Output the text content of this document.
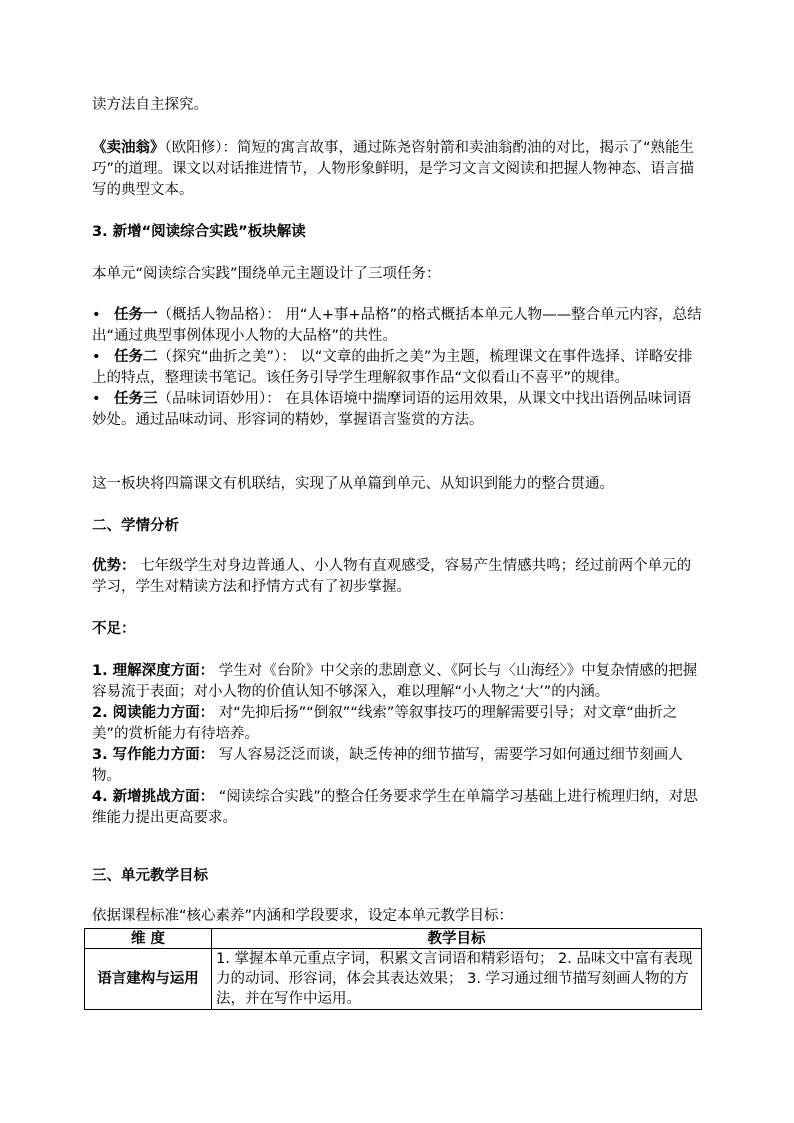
读方法自主探究。

《卖油翁》（欧阳修）：简短的寓言故事，通过陈尧咨射箭和卖油翁酌油的对比，揭示了“熟能生巧”的道理。课文以对话推进情节，人物形象鲜明，是学习文言文阅读和把握人物神态、语言描写的典型文本。

3. 新增“阅读综合实践”板块解读

本单元“阅读综合实践”围绕单元主题设计了三项任务：

• 任务一（概括人物品格）： 用“人+事+品格”的格式概括本单元人物——整合单元内容，总结出“通过典型事例体现小人物的大品格”的共性。

• 任务二（探究“曲折之美”）： 以“文章的曲折之美”为主题，梳理课文在事件选择、详略安排上的特点，整理读书笔记。该任务引导学生理解叙事作品“文似看山不喜平”的规律。

• 任务三（品味词语妙用）： 在具体语境中揣摩词语的运用效果，从课文中找出语例品味词语妙处。通过品味动词、形容词的精妙，掌握语言鉴赏的方法。

这一板块将四篇课文有机联结，实现了从单篇到单元、从知识到能力的整合贯通。

二、学情分析

优势： 七年级学生对身边普通人、小人物有直观感受，容易产生情感共鸣；经过前两个单元的学习，学生对精读方法和抒情方式有了初步掌握。

不足：

1. 理解深度方面： 学生对《台阶》中父亲的悲剧意义、《阿长与〈山海经〉》中复杂情感的把握容易流于表面；对小人物的价值认知不够深入，难以理解“小人物之‘大’”的内涵。

2. 阅读能力方面： 对“先抑后扬”“倒叙”“线索”等叙事技巧的理解需要引导；对文章“曲折之美”的赏析能力有待培养。

3. 写作能力方面： 写人容易泛泛而谈，缺乏传神的细节描写，需要学习如何通过细节刻画人物。

4. 新增挑战方面： “阅读综合实践”的整合任务要求学生在单篇学习基础上进行梳理归纳，对思维能力提出更高要求。

三、单元教学目标

依据课程标准“核心素养”内涵和学段要求，设定本单元教学目标：

维 度	教学目标
语言建构与运用	1. 掌握本单元重点字词，积累文言词语和精彩语句； 2. 品味文中富有表现力的动词、形容词，体会其表达效果； 3. 学习通过细节描写刻画人物的方法，并在写作中运用。
